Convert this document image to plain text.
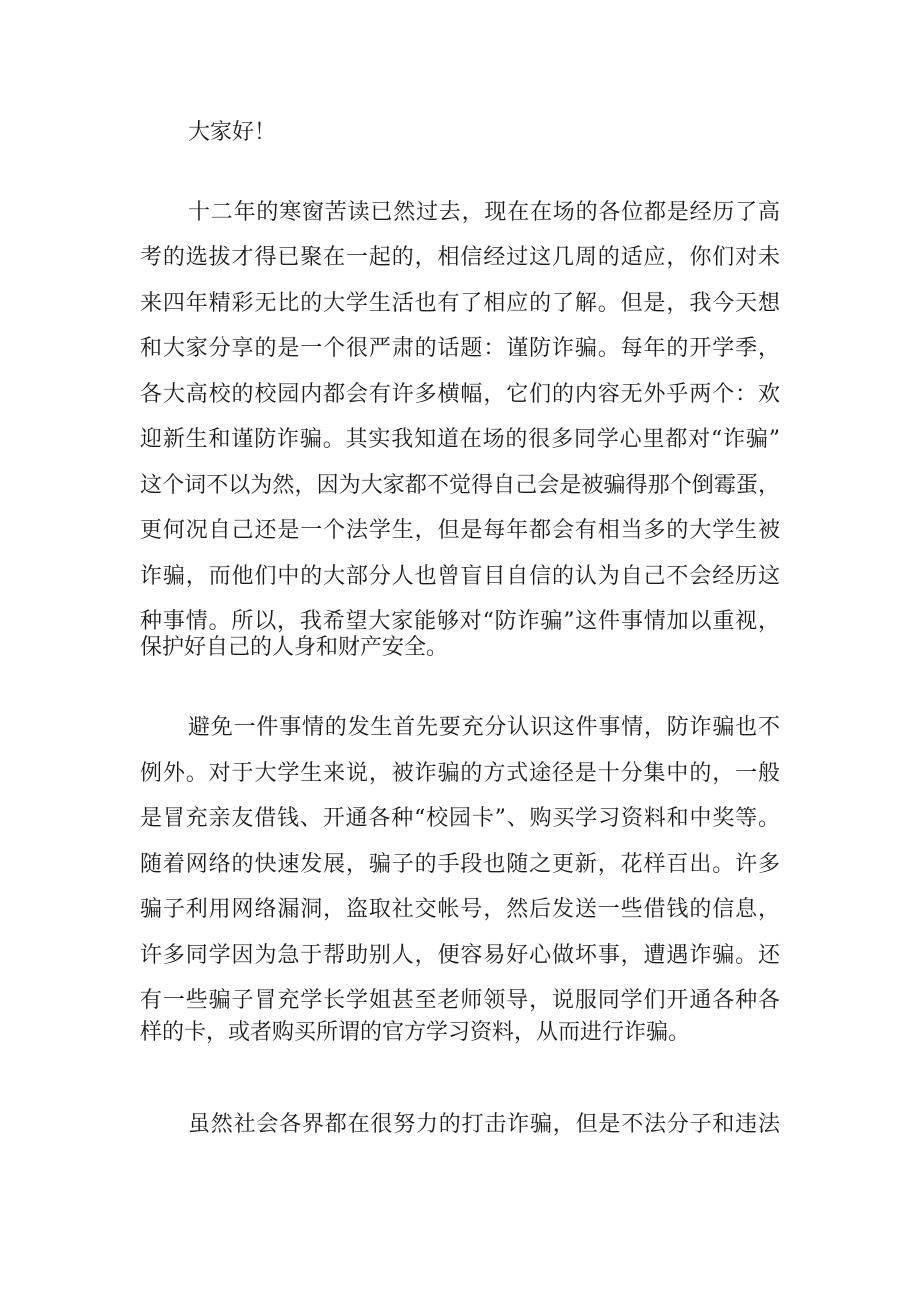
大家好！
十二年的寒窗苦读已然过去，现在在场的各位都是经历了高
考的选拔才得已聚在一起的，相信经过这几周的适应，你们对未
来四年精彩无比的大学生活也有了相应的了解。但是，我今天想
和大家分享的是一个很严肃的话题：谨防诈骗。每年的开学季，
各大高校的校园内都会有许多横幅，它们的内容无外乎两个：欢
迎新生和谨防诈骗。其实我知道在场的很多同学心里都对“诈骗”
这个词不以为然，因为大家都不觉得自己会是被骗得那个倒霉蛋，
更何况自己还是一个法学生，但是每年都会有相当多的大学生被
诈骗，而他们中的大部分人也曾盲目自信的认为自己不会经历这
种事情。所以，我希望大家能够对“防诈骗”这件事情加以重视，
保护好自己的人身和财产安全。
避免一件事情的发生首先要充分认识这件事情，防诈骗也不
例外。对于大学生来说，被诈骗的方式途径是十分集中的，一般
是冒充亲友借钱、开通各种“校园卡”、购买学习资料和中奖等。
随着网络的快速发展，骗子的手段也随之更新，花样百出。许多
骗子利用网络漏洞，盗取社交帐号，然后发送一些借钱的信息，
许多同学因为急于帮助别人，便容易好心做坏事，遭遇诈骗。还
有一些骗子冒充学长学姐甚至老师领导，说服同学们开通各种各
样的卡，或者购买所谓的官方学习资料，从而进行诈骗。
虽然社会各界都在很努力的打击诈骗，但是不法分子和违法
